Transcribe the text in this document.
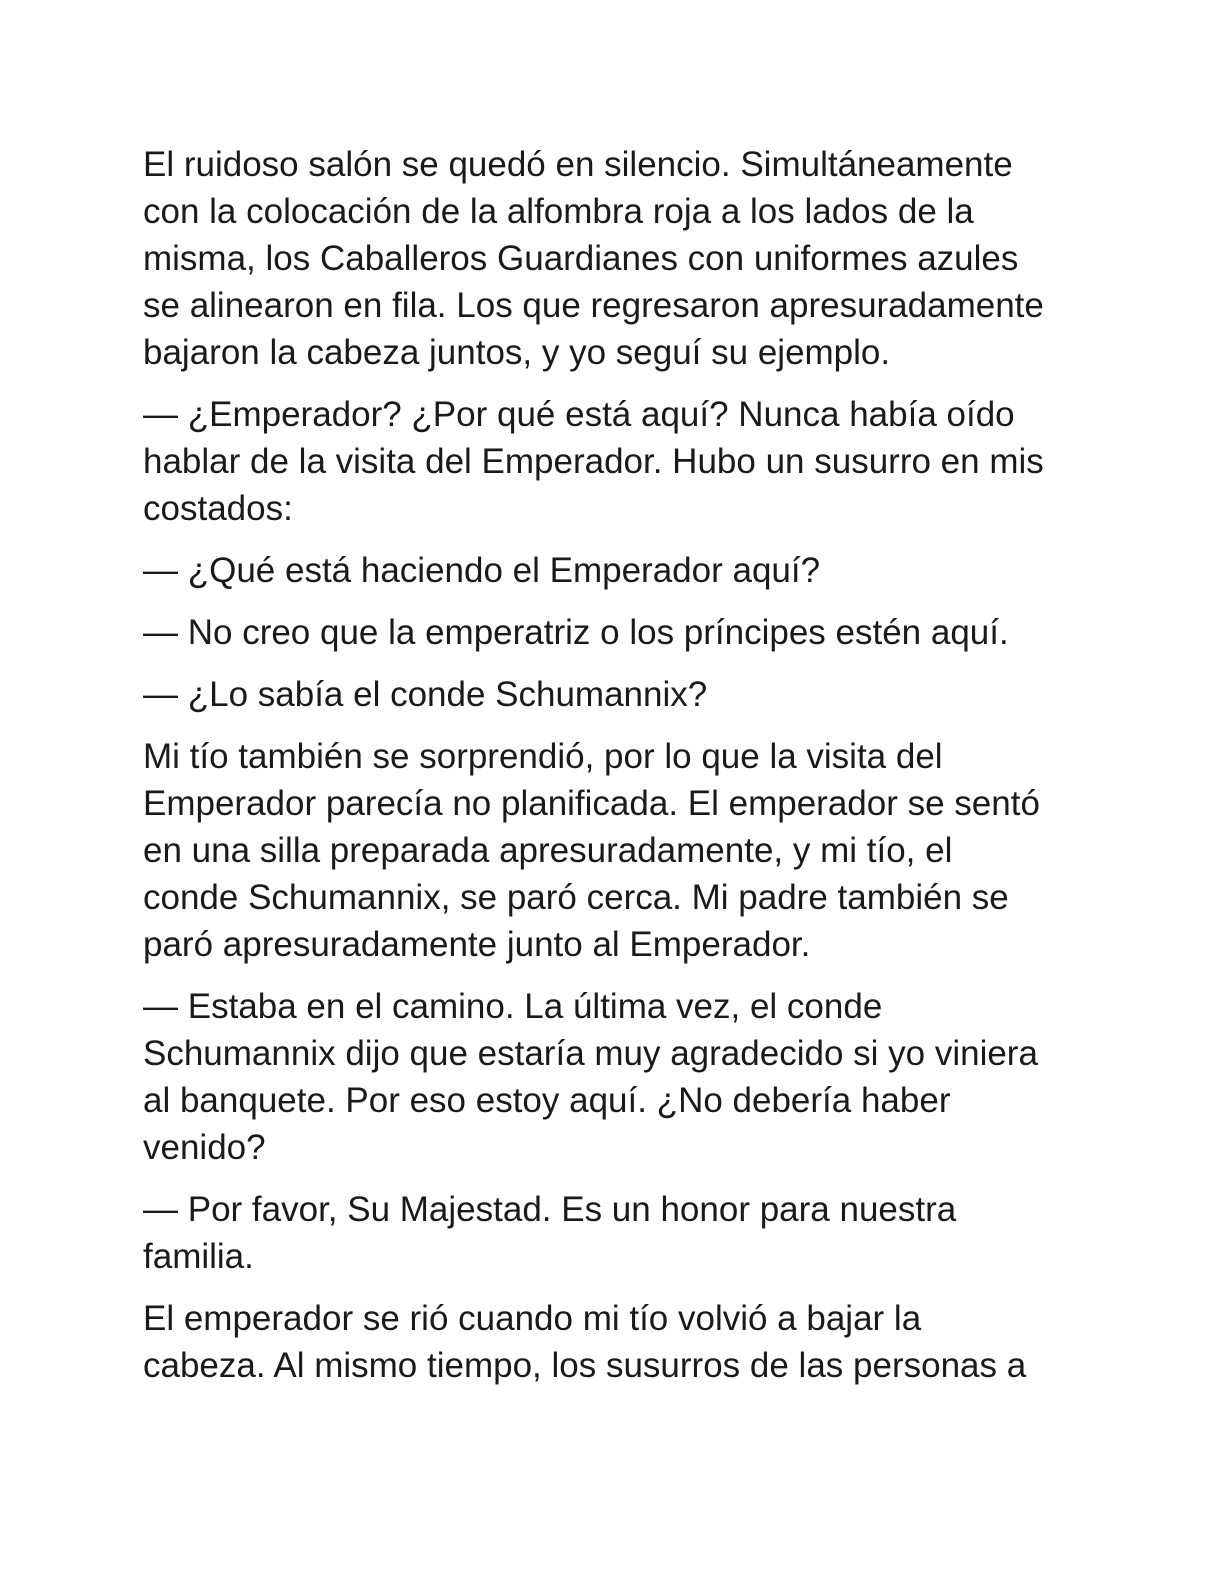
El ruidoso salón se quedó en silencio. Simultáneamente
con la colocación de la alfombra roja a los lados de la
misma, los Caballeros Guardianes con uniformes azules
se alinearon en fila. Los que regresaron apresuradamente
bajaron la cabeza juntos, y yo seguí su ejemplo.

— ¿Emperador? ¿Por qué está aquí? Nunca había oído
hablar de la visita del Emperador. Hubo un susurro en mis
costados:

— ¿Qué está haciendo el Emperador aquí?

— No creo que la emperatriz o los príncipes estén aquí.

— ¿Lo sabía el conde Schumannix?

Mi tío también se sorprendió, por lo que la visita del
Emperador parecía no planificada. El emperador se sentó
en una silla preparada apresuradamente, y mi tío, el
conde Schumannix, se paró cerca. Mi padre también se
paró apresuradamente junto al Emperador.

— Estaba en el camino. La última vez, el conde
Schumannix dijo que estaría muy agradecido si yo viniera
al banquete. Por eso estoy aquí. ¿No debería haber
venido?

— Por favor, Su Majestad. Es un honor para nuestra
familia.

El emperador se rió cuando mi tío volvió a bajar la
cabeza. Al mismo tiempo, los susurros de las personas a
